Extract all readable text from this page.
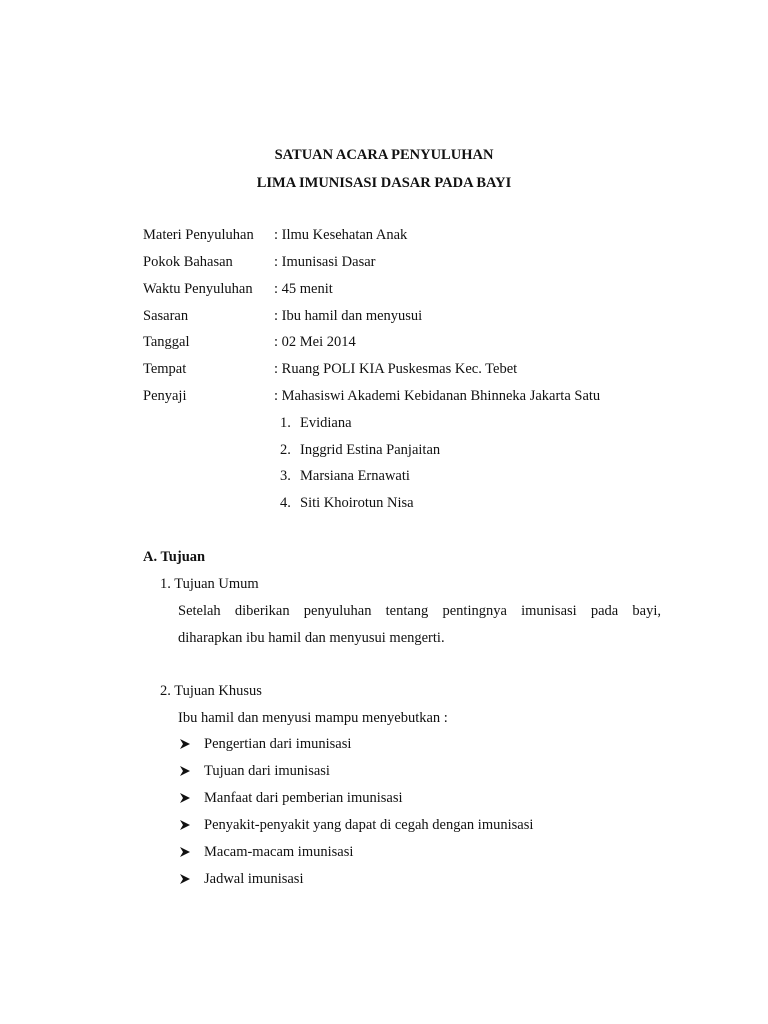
SATUAN ACARA PENYULUHAN
LIMA IMUNISASI DASAR PADA BAYI
Materi Penyuluhan : Ilmu Kesehatan Anak
Pokok Bahasan	: Imunisasi Dasar
Waktu Penyuluhan : 45 menit
Sasaran	: Ibu hamil dan menyusui
Tanggal	: 02 Mei 2014
Tempat	: Ruang POLI KIA Puskesmas Kec. Tebet
Penyaji	: Mahasiswi Akademi Kebidanan Bhinneka Jakarta Satu
1. Evidiana
2. Inggrid Estina Panjaitan
3. Marsiana Ernawati
4. Siti Khoirotun Nisa
A. Tujuan
1. Tujuan Umum
Setelah diberikan penyuluhan tentang pentingnya imunisasi pada bayi,
diharapkan ibu hamil dan menyusui mengerti.
2. Tujuan Khusus
Ibu hamil dan menyusi mampu menyebutkan :
Pengertian dari imunisasi
Tujuan dari imunisasi
Manfaat dari pemberian imunisasi
Penyakit-penyakit yang dapat di cegah dengan imunisasi
Macam-macam imunisasi
Jadwal imunisasi
